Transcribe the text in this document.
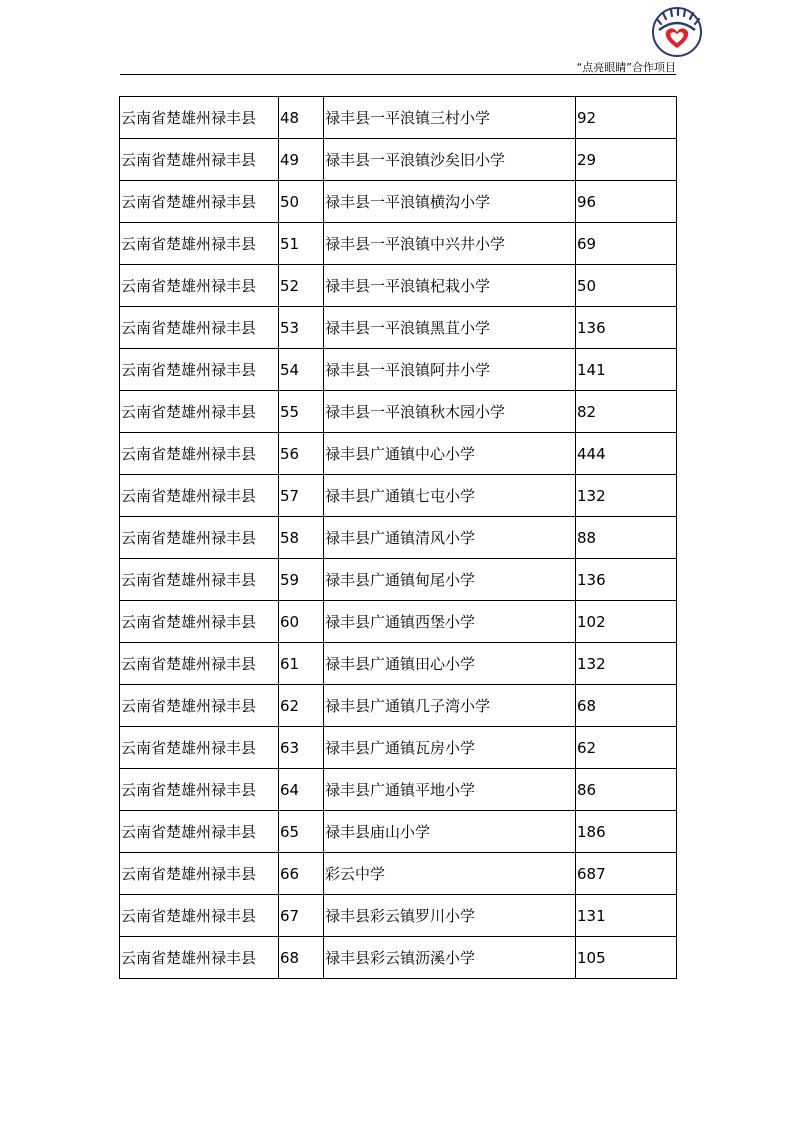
“点亮眼睛”合作项目
云南省楚雄州禄丰县	48	禄丰县一平浪镇三村小学	92
云南省楚雄州禄丰县	49	禄丰县一平浪镇沙矣旧小学	29
云南省楚雄州禄丰县	50	禄丰县一平浪镇横沟小学	96
云南省楚雄州禄丰县	51	禄丰县一平浪镇中兴井小学	69
云南省楚雄州禄丰县	52	禄丰县一平浪镇杞栽小学	50
云南省楚雄州禄丰县	53	禄丰县一平浪镇黑苴小学	136
云南省楚雄州禄丰县	54	禄丰县一平浪镇阿井小学	141
云南省楚雄州禄丰县	55	禄丰县一平浪镇秋木园小学	82
云南省楚雄州禄丰县	56	禄丰县广通镇中心小学	444
云南省楚雄州禄丰县	57	禄丰县广通镇七屯小学	132
云南省楚雄州禄丰县	58	禄丰县广通镇清风小学	88
云南省楚雄州禄丰县	59	禄丰县广通镇甸尾小学	136
云南省楚雄州禄丰县	60	禄丰县广通镇西堡小学	102
云南省楚雄州禄丰县	61	禄丰县广通镇田心小学	132
云南省楚雄州禄丰县	62	禄丰县广通镇几子湾小学	68
云南省楚雄州禄丰县	63	禄丰县广通镇瓦房小学	62
云南省楚雄州禄丰县	64	禄丰县广通镇平地小学	86
云南省楚雄州禄丰县	65	禄丰县庙山小学	186
云南省楚雄州禄丰县	66	彩云中学	687
云南省楚雄州禄丰县	67	禄丰县彩云镇罗川小学	131
云南省楚雄州禄丰县	68	禄丰县彩云镇沥溪小学	105
